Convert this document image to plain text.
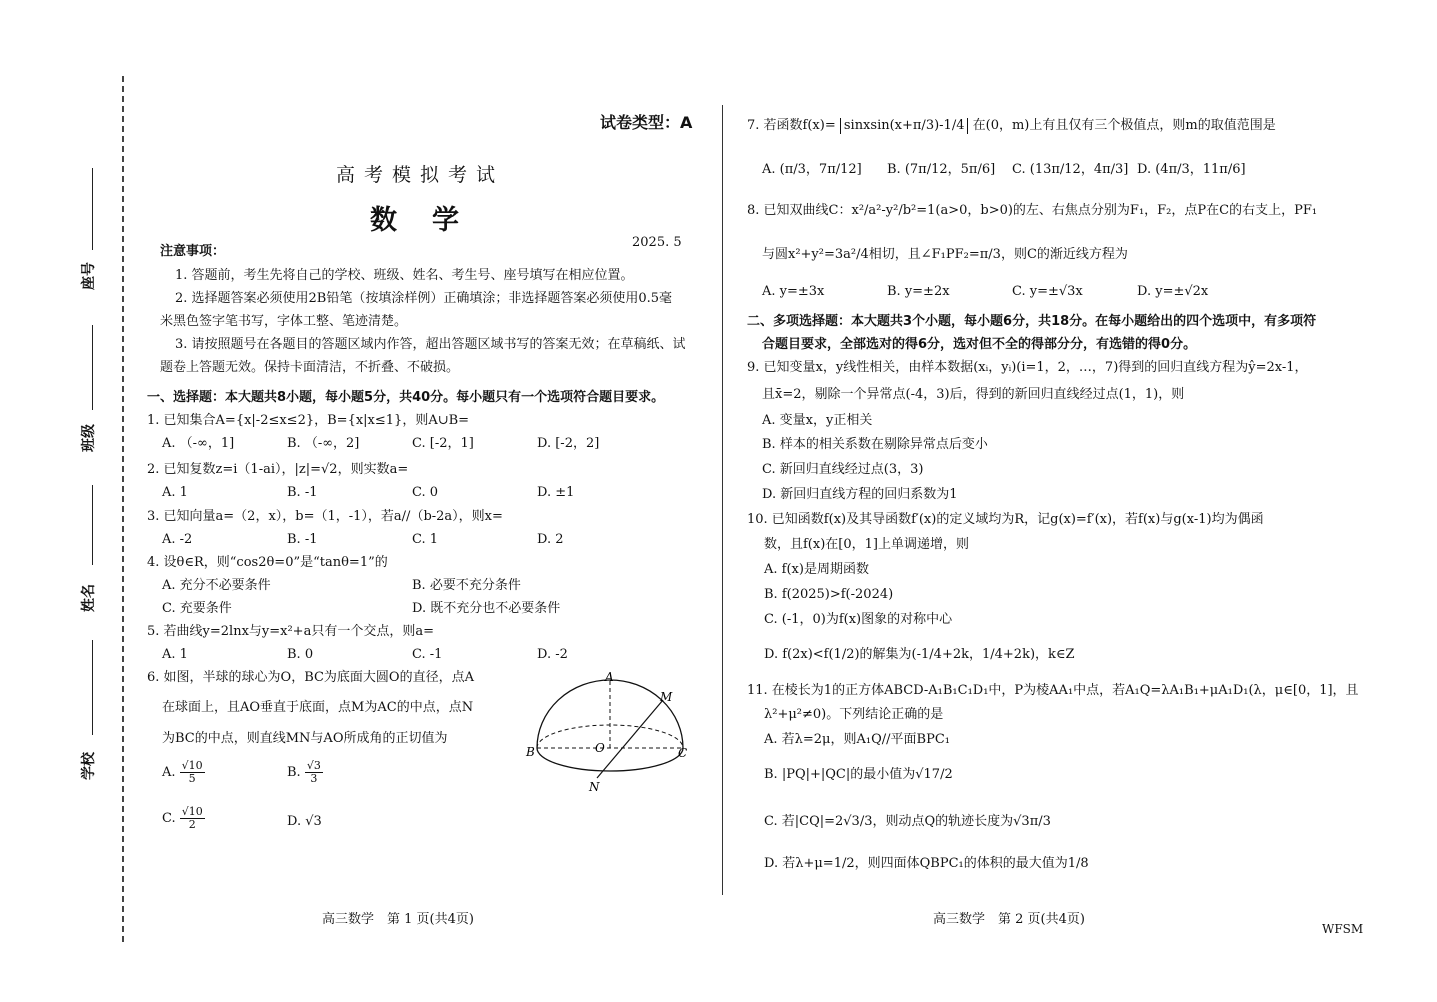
座号
班级
姓名
学校
试卷类型：A
高考模拟考试
数　学
2025. 5
注意事项：
1. 答题前，考生先将自己的学校、班级、姓名、考生号、座号填写在相应位置。
2. 选择题答案必须使用2B铅笔（按填涂样例）正确填涂；非选择题答案必须使用0.5毫
米黑色签字笔书写，字体工整、笔迹清楚。
3. 请按照题号在各题目的答题区域内作答，超出答题区域书写的答案无效；在草稿纸、试
题卷上答题无效。保持卡面清洁，不折叠、不破损。
一、选择题：本大题共8小题，每小题5分，共40分。每小题只有一个选项符合题目要求。
1. 已知集合A={x|-2≤x≤2}，B={x|x≤1}，则A∪B=
A. （-∞，1]	B. （-∞，2]	C. [-2，1]	D. [-2，2]
2. 已知复数z=i（1-ai），|z|=√2，则实数a=
A. 1	B. -1	C. 0	D. ±1
3. 已知向量a=（2，x），b=（1，-1），若a//（b-2a），则x=
A. -2	B. -1	C. 1	D. 2
4. 设θ∈R，则“cos2θ=0”是“tanθ=1”的
A. 充分不必要条件	B. 必要不充分条件
C. 充要条件	D. 既不充分也不必要条件
5. 若曲线y=2lnx与y=x²+a只有一个交点，则a=
A. 1	B. 0	C. -1	D. -2
6. 如图，半球的球心为O，BC为底面大圆O的直径，点A
在球面上，且AO垂直于底面，点M为AC的中点，点N
为BC的中点，则直线MN与AO所成角的正切值为
A. $\frac{√10}{5}$	B. $\frac{√3}{3}$
C. $\frac{√10}{2}$	D. √3
A
M
B	O	C
N
高三数学　第 1 页(共4页)
7. 若函数f(x)= sinxsin(x+π/3)-1/4 在(0，m)上有且仅有三个极值点，则m的取值范围是
A. (π/3，7π/12] B. (7π/12，5π/6] C. (13π/12，4π/3] D. (4π/3，11π/6]
8. 已知双曲线C：x²/a²-y²/b²=1(a>0，b>0)的左、右焦点分别为F₁，F₂，点P在C的右支上，PF₁
与圆x²+y²=3a²/4相切，且∠F₁PF₂=π/3，则C的渐近线方程为
A. y=±3x	B. y=±2x	C. y=±√3x	D. y=±√2x
二、多项选择题：本大题共3个小题，每小题6分，共18分。在每小题给出的四个选项中，有多项符
合题目要求，全部选对的得6分，选对但不全的得部分分，有选错的得0分。
9. 已知变量x，y线性相关，由样本数据(xᵢ，yᵢ)(i=1，2，…，7)得到的回归直线方程为ŷ=2x-1，
且x̄=2，剔除一个异常点(-4，3)后，得到的新回归直线经过点(1，1)，则
A. 变量x，y正相关
B. 样本的相关系数在剔除异常点后变小
C. 新回归直线经过点(3，3)
D. 新回归直线方程的回归系数为1
10. 已知函数f(x)及其导函数f′(x)的定义域均为R，记g(x)=f′(x)，若f(x)与g(x-1)均为偶函
数，且f(x)在[0，1]上单调递增，则
A. f(x)是周期函数
B. f(2025)>f(-2024)
C. (-1，0)为f(x)图象的对称中心
D. f(2x)<f(1/2)的解集为(-1/4+2k，1/4+2k)，k∈Z
11. 在棱长为1的正方体ABCD-A₁B₁C₁D₁中，P为棱AA₁中点，若A₁Q=λA₁B₁+μA₁D₁(λ，μ∈[0，1]，且
λ²+μ²≠0)。下列结论正确的是
A. 若λ=2μ，则A₁Q//平面BPC₁
B. |PQ|+|QC|的最小值为√17/2
C. 若|CQ|=2√3/3，则动点Q的轨迹长度为√3π/3
D. 若λ+μ=1/2，则四面体QBPC₁的体积的最大值为1/8
高三数学　第 2 页(共4页)
WFSM
